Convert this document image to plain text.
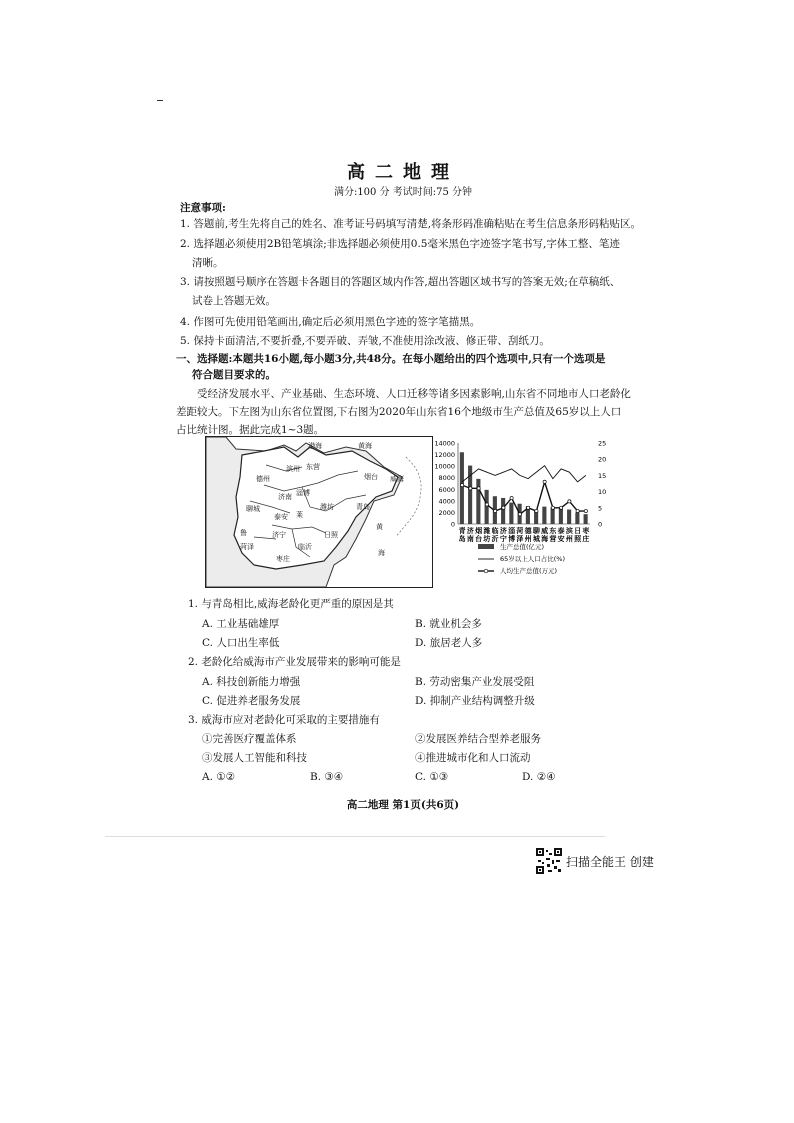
高二地理
满分:100 分 考试时间:75 分钟
注意事项:
1. 答题前,考生先将自己的姓名、准考证号码填写清楚,将条形码准确粘贴在考生信息条形码粘贴区。
2. 选择题必须使用2B铅笔填涂;非选择题必须使用0.5毫米黑色字迹签字笔书写,字体工整、笔迹
清晰。
3. 请按照题号顺序在答题卡各题目的答题区域内作答,超出答题区域书写的答案无效;在草稿纸、
试卷上答题无效。
4. 作图可先使用铅笔画出,确定后必须用黑色字迹的签字笔描黑。
5. 保持卡面清洁,不要折叠,不要弄破、弄皱,不准使用涂改液、修正带、刮纸刀。
一、选择题:本题共16小题,每小题3分,共48分。在每小题给出的四个选项中,只有一个选项是
符合题目要求的。
受经济发展水平、产业基础、生态环境、人口迁移等诸多因素影响,山东省不同地市人口老龄化差距较大。下左图为山东省位置图,下右图为2020年山东省16个地级市生产总值及65岁以上人口占比统计图。据此完成1~3题。
渤海	黄海
东营
滨州
德州
淄博
烟台 威海
济南
潍坊	青岛
聊城
泰安 莱
日照
济宁
菏泽	临沂
枣庄
鲁
黄
海
14000
12000
10000
8000
6000
4000
2000
0
25
20
15
10
5
0
青
岛
济
南
烟
台
潍
坊
临
沂
济
宁
淄
博
菏
泽
德
州
聊
城
威
海
东
营
泰
安
滨
州
日
照
枣
庄
生产总值(亿元)
65岁以上人口占比(%)
人均生产总值(万元)
1. 与青岛相比,威海老龄化更严重的原因是其
A. 工业基础雄厚	B. 就业机会多
C. 人口出生率低	D. 旅居老人多
2. 老龄化给威海市产业发展带来的影响可能是
A. 科技创新能力增强	B. 劳动密集产业发展受阻
C. 促进养老服务发展	D. 抑制产业结构调整升级
3. 威海市应对老龄化可采取的主要措施有
①完善医疗覆盖体系	②发展医养结合型养老服务
③发展人工智能和科技	④推进城市化和人口流动
A. ①②	B. ③④	C. ①③	D. ②④
高二地理 第1页(共6页)
扫描全能王 创建
